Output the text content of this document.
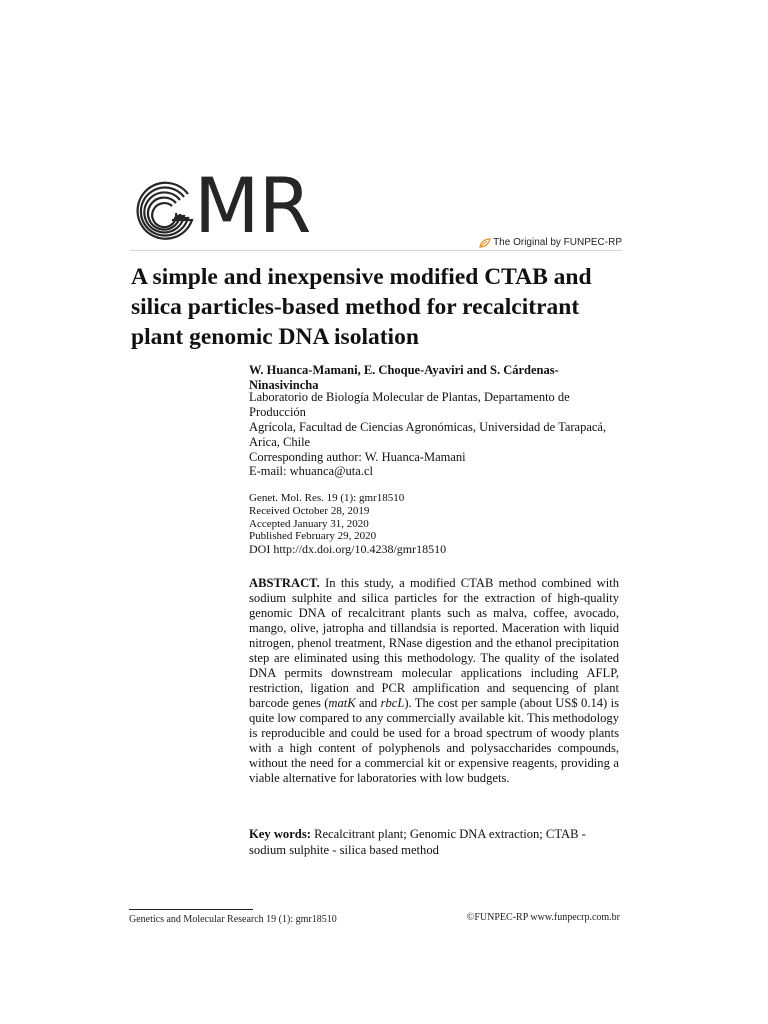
MR	The Original by FUNPEC-RP
A simple and inexpensive modified CTAB and silica particles-based method for recalcitrant plant genomic DNA isolation

W. Huanca-Mamani, E. Choque-Ayaviri and S. Cárdenas-Ninasivincha

Laboratorio de Biología Molecular de Plantas, Departamento de Producción
Agrícola, Facultad de Ciencias Agronómicas, Universidad de Tarapacá,
Arica, Chile

Corresponding author: W. Huanca-Mamani
E-mail: whuanca@uta.cl

Genet. Mol. Res. 19 (1): gmr18510
Received October 28, 2019
Accepted January 31, 2020
Published February 29, 2020
DOI http://dx.doi.org/10.4238/gmr18510

ABSTRACT. In this study, a modified CTAB method combined with sodium sulphite and silica particles for the extraction of high-quality genomic DNA of recalcitrant plants such as malva, coffee, avocado, mango, olive, jatropha and tillandsia is reported. Maceration with liquid nitrogen, phenol treatment, RNase digestion and the ethanol precipitation step are eliminated using this methodology. The quality of the isolated DNA permits downstream molecular applications including AFLP, restriction, ligation and PCR amplification and sequencing of plant barcode genes (matK and rbcL). The cost per sample (about US$ 0.14) is quite low compared to any commercially available kit. This methodology is reproducible and could be used for a broad spectrum of woody plants with a high content of polyphenols and polysaccharides compounds, without the need for a commercial kit or expensive reagents, providing a viable alternative for laboratories with low budgets.

Key words: Recalcitrant plant; Genomic DNA extraction; CTAB - sodium sulphite - silica based method

Genetics and Molecular Research 19 (1): gmr18510	©FUNPEC-RP www.funpecrp.com.br
